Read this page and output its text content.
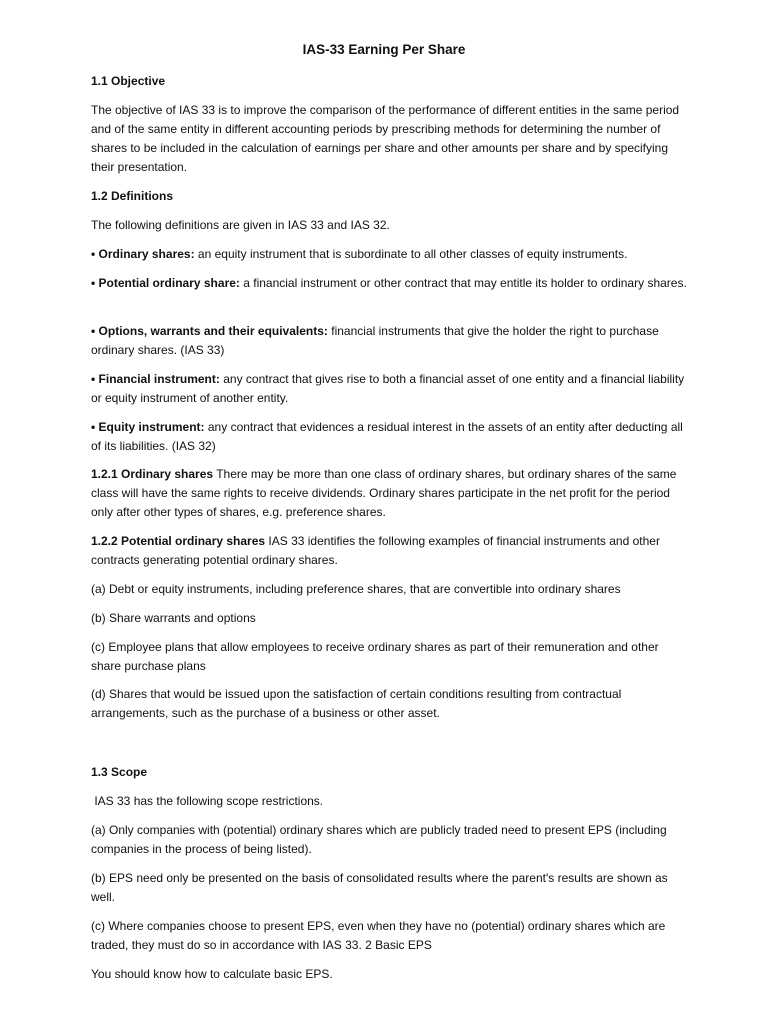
IAS-33 Earning Per Share

1.1 Objective

The objective of IAS 33 is to improve the comparison of the performance of different entities in the same period and of the same entity in different accounting periods by prescribing methods for determining the number of shares to be included in the calculation of earnings per share and other amounts per share and by specifying their presentation.

1.2 Definitions

The following definitions are given in IAS 33 and IAS 32.

• Ordinary shares: an equity instrument that is subordinate to all other classes of equity instruments.

• Potential ordinary share: a financial instrument or other contract that may entitle its holder to ordinary shares.

• Options, warrants and their equivalents: financial instruments that give the holder the right to purchase ordinary shares. (IAS 33)

• Financial instrument: any contract that gives rise to both a financial asset of one entity and a financial liability or equity instrument of another entity.

• Equity instrument: any contract that evidences a residual interest in the assets of an entity after deducting all of its liabilities. (IAS 32)

1.2.1 Ordinary shares There may be more than one class of ordinary shares, but ordinary shares of the same class will have the same rights to receive dividends. Ordinary shares participate in the net profit for the period only after other types of shares, e.g. preference shares.

1.2.2 Potential ordinary shares IAS 33 identifies the following examples of financial instruments and other contracts generating potential ordinary shares.

(a) Debt or equity instruments, including preference shares, that are convertible into ordinary shares

(b) Share warrants and options

(c) Employee plans that allow employees to receive ordinary shares as part of their remuneration and other share purchase plans

(d) Shares that would be issued upon the satisfaction of certain conditions resulting from contractual arrangements, such as the purchase of a business or other asset.

1.3 Scope

IAS 33 has the following scope restrictions.

(a) Only companies with (potential) ordinary shares which are publicly traded need to present EPS (including companies in the process of being listed).

(b) EPS need only be presented on the basis of consolidated results where the parent's results are shown as well.

(c) Where companies choose to present EPS, even when they have no (potential) ordinary shares which are traded, they must do so in accordance with IAS 33. 2 Basic EPS

You should know how to calculate basic EPS.
